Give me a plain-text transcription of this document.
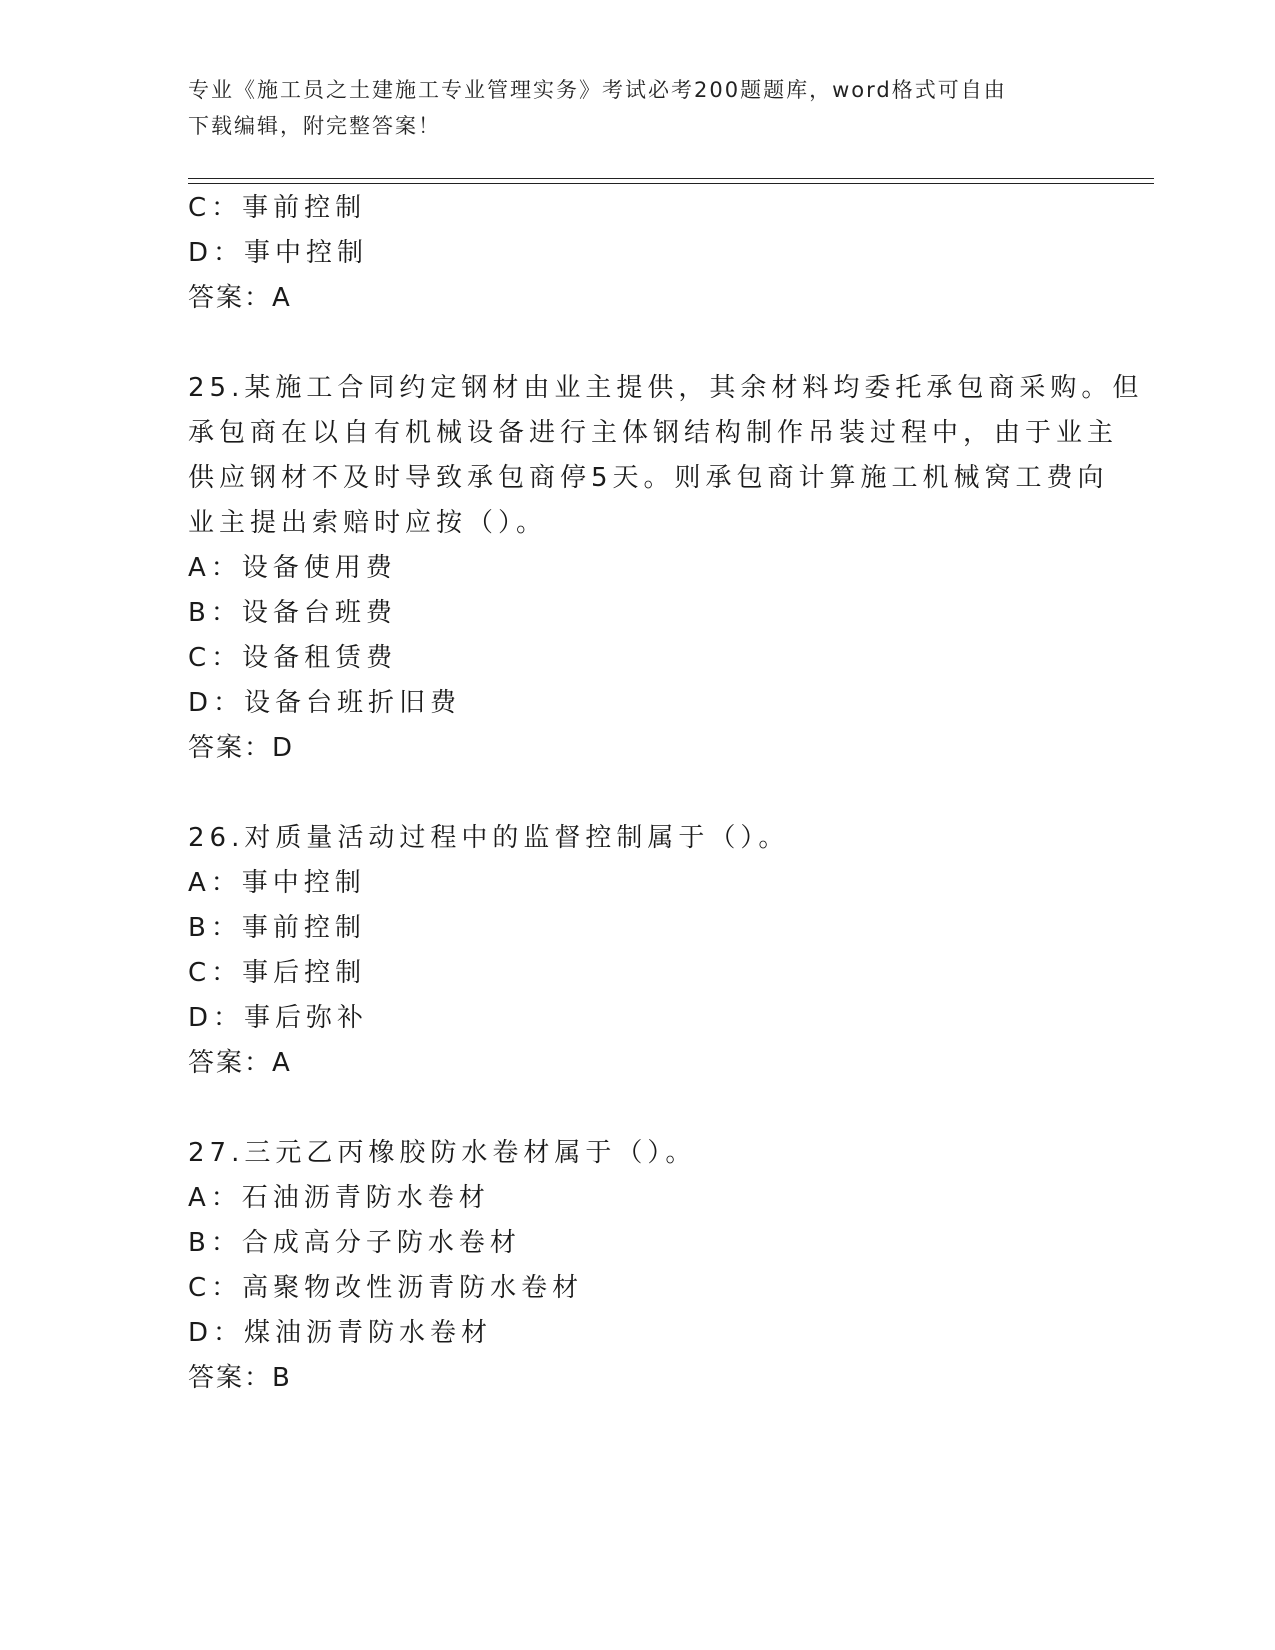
专业《施工员之土建施工专业管理实务》考试必考200题题库，word格式可自由
下载编辑，附完整答案！
C：事前控制
D：事中控制
答案：A
25.某施工合同约定钢材由业主提供，其余材料均委托承包商采购。但
承包商在以自有机械设备进行主体钢结构制作吊装过程中，由于业主
供应钢材不及时导致承包商停5天。则承包商计算施工机械窝工费向
业主提出索赔时应按（）。
A：设备使用费
B：设备台班费
C：设备租赁费
D：设备台班折旧费
答案：D
26.对质量活动过程中的监督控制属于（）。
A：事中控制
B：事前控制
C：事后控制
D：事后弥补
答案：A
27.三元乙丙橡胶防水卷材属于（）。
A：石油沥青防水卷材
B：合成高分子防水卷材
C：高聚物改性沥青防水卷材
D：煤油沥青防水卷材
答案：B
